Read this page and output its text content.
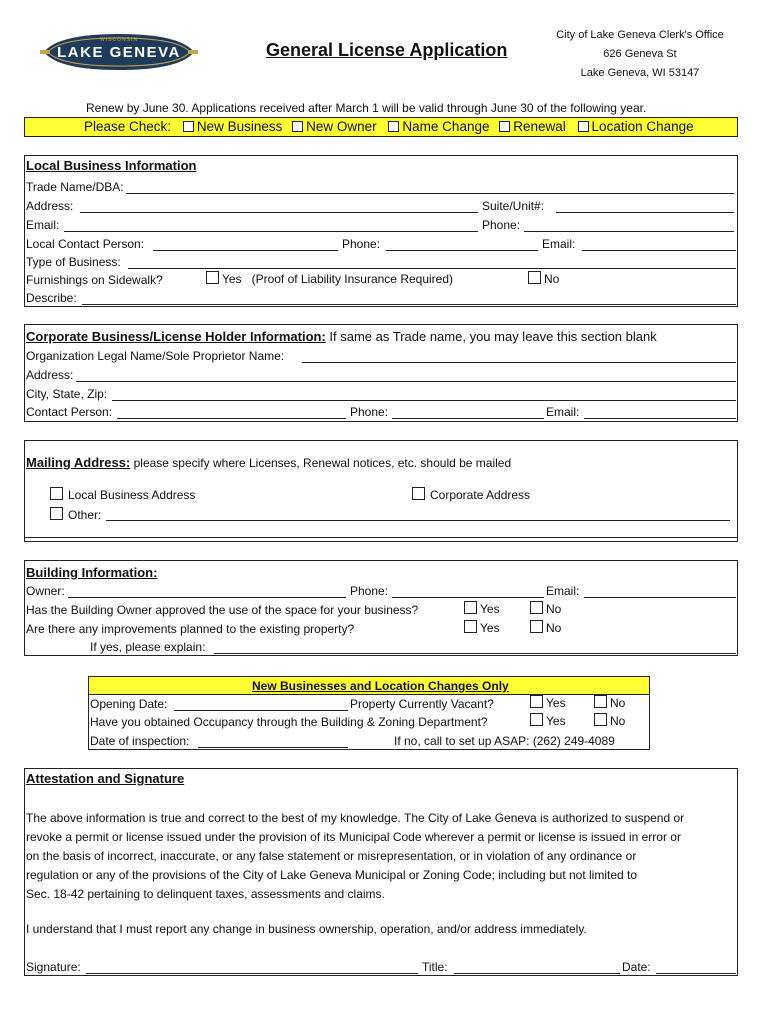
WISCONSIN
LAKE GENEVA	General License Application
City of Lake Geneva Clerk's Office
626 Geneva St
Lake Geneva, WI 53147
Renew by June 30. Applications received after March 1 will be valid through June 30 of the following year.
Please Check: New Business New Owner Name Change Renewal Location Change
Local Business Information
Trade Name/DBA:
Address:	Suite/Unit#:
Email:	Phone:
Local Contact Person:	Phone:	Email:
Type of Business:
Furnishings on Sidewalk?	Yes   (Proof of Liability Insurance Required)	No
Describe:
Corporate Business/License Holder Information: If same as Trade name, you may leave this section blank
Organization Legal Name/Sole Proprietor Name:
Address:
City, State, Zip:
Contact Person:	Phone:	Email:
Mailing Address: please specify where Licenses, Renewal notices, etc. should be mailed
Local Business Address	Corporate Address
Other:
Building Information:
Owner:	Phone:	Email:
Has the Building Owner approved the use of the space for your business?	Yes	No
Are there any improvements planned to the existing property?	Yes	No
If yes, please explain:
New Businesses and Location Changes Only
Opening Date:	Property Currently Vacant?	Yes	No
Have you obtained Occupancy through the Building & Zoning Department?	Yes	No
Date of inspection:	If no, call to set up ASAP: (262) 249-4089
Attestation and Signature
The above information is true and correct to the best of my knowledge. The City of Lake Geneva is authorized to suspend or
revoke a permit or license issued under the provision of its Municipal Code wherever a permit or license is issued in error or
on the basis of incorrect, inaccurate, or any false statement or misrepresentation, or in violation of any ordinance or
regulation or any of the provisions of the City of Lake Geneva Municipal or Zoning Code; including but not limited to
Sec. 18-42 pertaining to delinquent taxes, assessments and claims.
I understand that I must report any change in business ownership, operation, and/or address immediately.
Signature:	Title:	Date:
